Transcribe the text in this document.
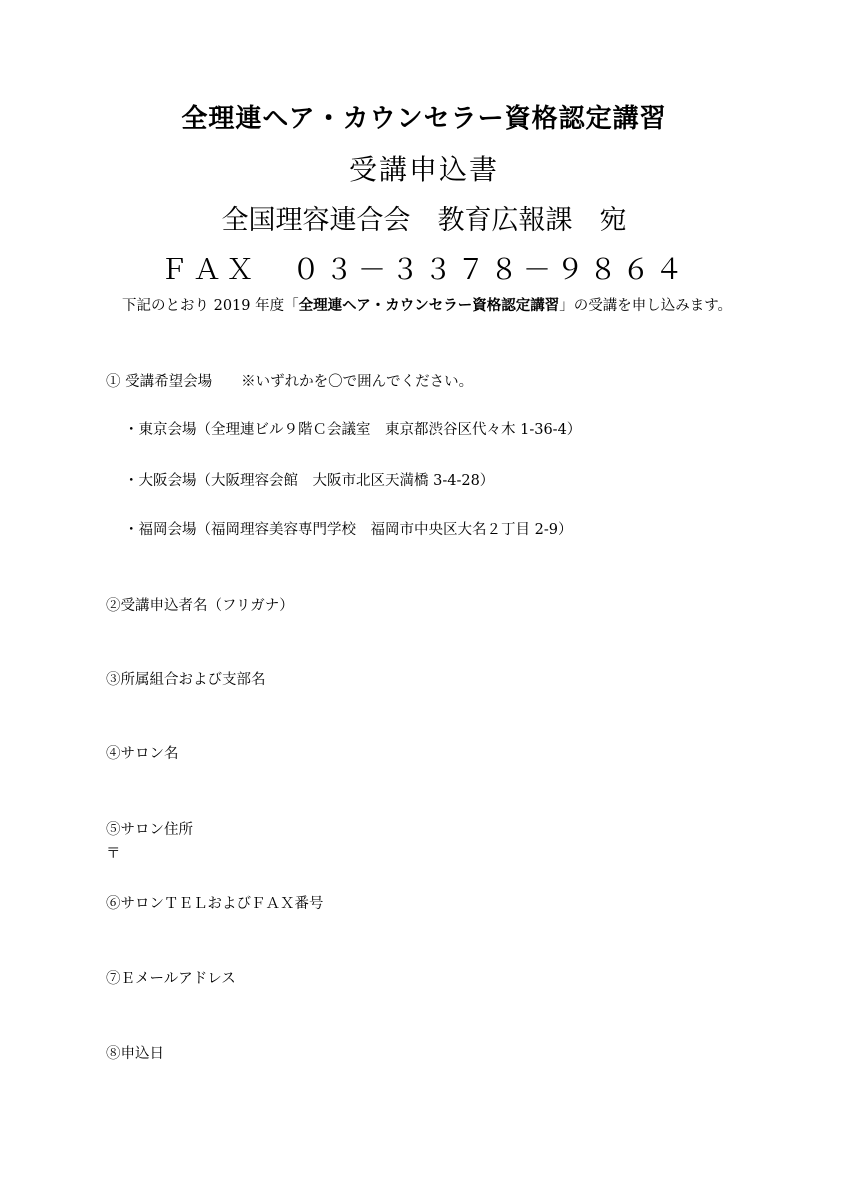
全理連ヘア・カウンセラー資格認定講習
受講申込書
全国理容連合会　教育広報課　宛
ＦＡＸ　０３－３３７８－９８６４
下記のとおり 2019 年度「全理連ヘア・カウンセラー資格認定講習」の受講を申し込みます。
① 受講希望会場　　※いずれかを〇で囲んでください。
・東京会場（全理連ビル９階Ｃ会議室　東京都渋谷区代々木 1-36-4）
・大阪会場（大阪理容会館　大阪市北区天満橋 3-4-28）
・福岡会場（福岡理容美容専門学校　福岡市中央区大名２丁目 2-9）
②受講申込者名（フリガナ）
③所属組合および支部名
④サロン名
⑤サロン住所
〒
⑥サロンＴＥＬおよびＦＡＸ番号
⑦Ｅメールアドレス
⑧申込日
